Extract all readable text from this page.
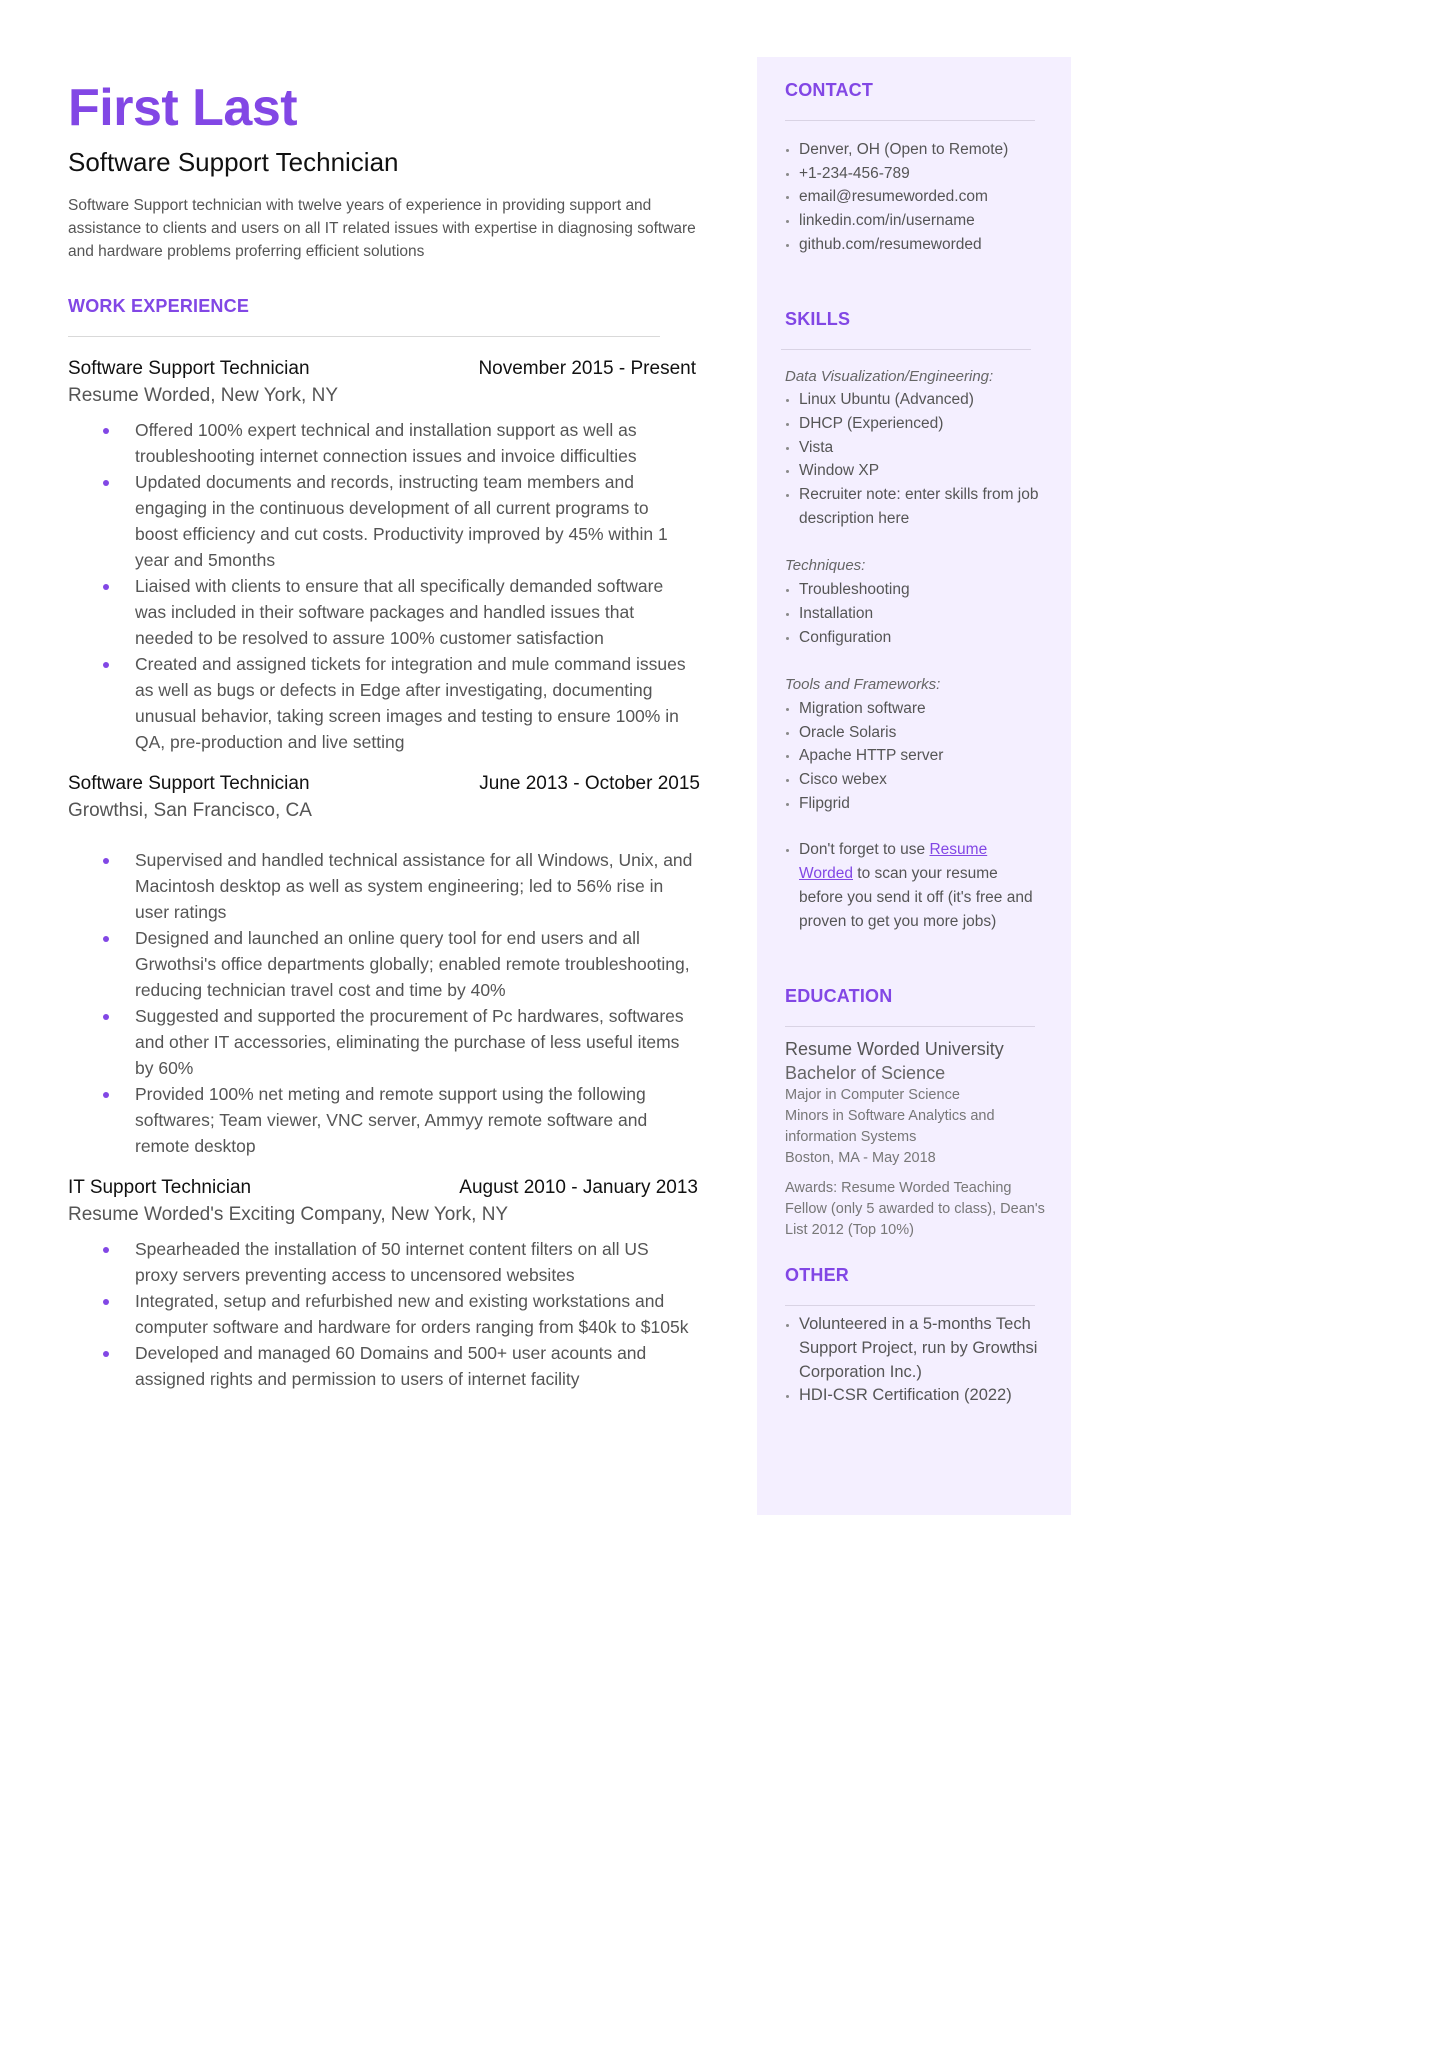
First Last
Software Support Technician

Software Support technician with twelve years of experience in providing support and assistance to clients and users on all IT related issues with expertise in diagnosing software and hardware problems proferring efficient solutions

WORK EXPERIENCE
Software Support Technician	November 2015 - Present
Resume Worded, New York, NY
Offered 100% expert technical and installation support as well as troubleshooting internet connection issues and invoice difficulties
Updated documents and records, instructing team members and engaging in the continuous development of all current programs to boost efficiency and cut costs. Productivity improved by 45% within 1 year and 5months
Liaised with clients to ensure that all specifically demanded software was included in their software packages and handled issues that needed to be resolved to assure 100% customer satisfaction
Created and assigned tickets for integration and mule command issues as well as bugs or defects in Edge after investigating, documenting unusual behavior, taking screen images and testing to ensure 100% in QA, pre-production and live setting
Software Support Technician	June 2013 - October 2015
Growthsi, San Francisco, CA
Supervised and handled technical assistance for all Windows, Unix, and Macintosh desktop as well as system engineering; led to 56% rise in user ratings
Designed and launched an online query tool for end users and all Grwothsi's office departments globally; enabled remote troubleshooting, reducing technician travel cost and time by 40%
Suggested and supported the procurement of Pc hardwares, softwares and other IT accessories, eliminating the purchase of less useful items by 60%
Provided 100% net meting and remote support using the following softwares; Team viewer, VNC server, Ammyy remote software and remote desktop
IT Support Technician	August 2010 - January 2013
Resume Worded's Exciting Company, New York, NY
Spearheaded the installation of 50 internet content filters on all US proxy servers preventing access to uncensored websites
Integrated, setup and refurbished new and existing workstations and computer software and hardware for orders ranging from $40k to $105k
Developed and managed 60 Domains and 500+ user acounts and assigned rights and permission to users of internet facility
CONTACT
Denver, OH (Open to Remote)
+1-234-456-789
email@resumeworded.com
linkedin.com/in/username
github.com/resumeworded
SKILLS
Data Visualization/Engineering:
Linux Ubuntu (Advanced)
DHCP (Experienced)
Vista
Window XP
Recruiter note: enter skills from job description here
Techniques:
Troubleshooting
Installation
Configuration
Tools and Frameworks:
Migration software
Oracle Solaris
Apache HTTP server
Cisco webex
Flipgrid
Don't forget to use Resume Worded to scan your resume before you send it off (it's free and proven to get you more jobs)
EDUCATION
Resume Worded University
Bachelor of Science
Major in Computer Science
Minors in Software Analytics and information Systems
Boston, MA - May 2018
Awards: Resume Worded Teaching Fellow (only 5 awarded to class), Dean's List 2012 (Top 10%)
OTHER
Volunteered in a 5-months Tech Support Project, run by Growthsi Corporation Inc.)
HDI-CSR Certification (2022)
